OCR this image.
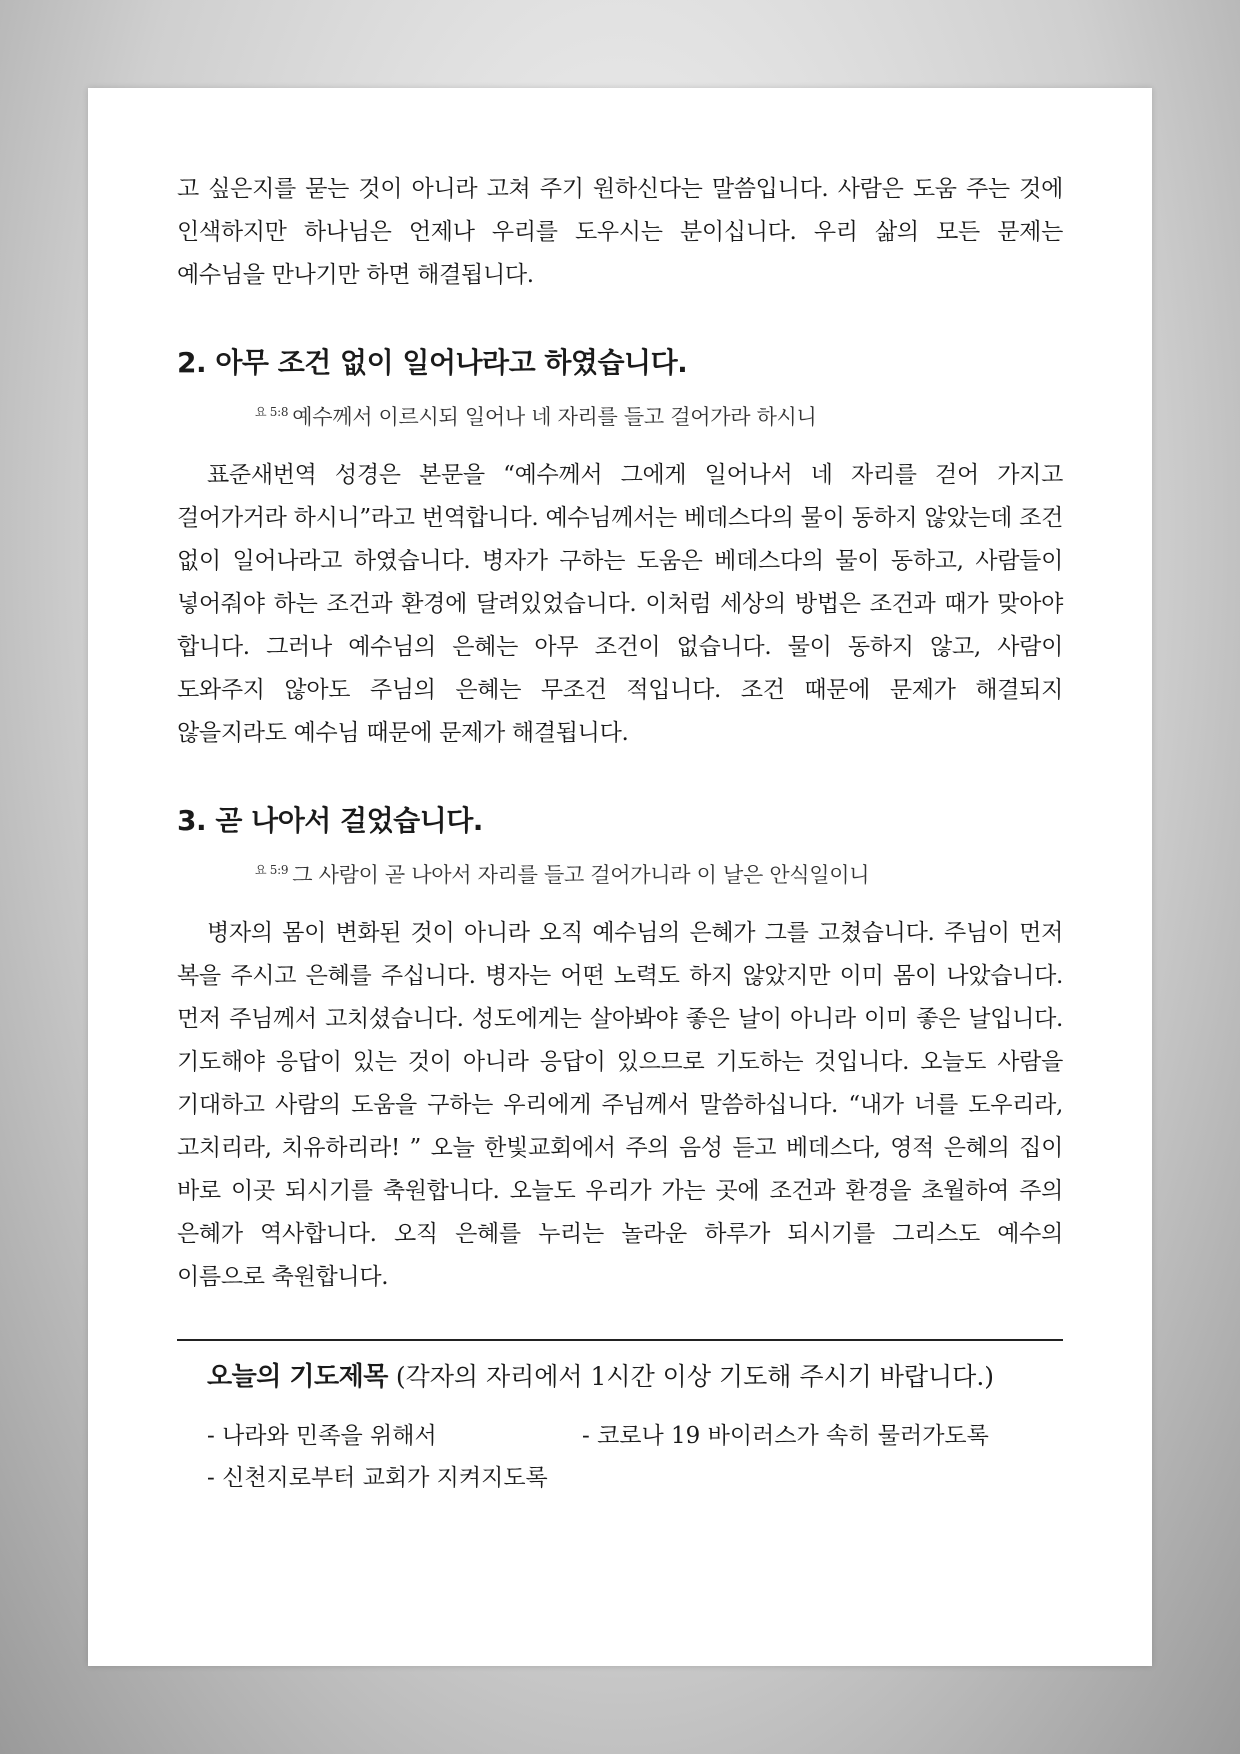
고 싶은지를 묻는 것이 아니라 고쳐 주기 원하신다는 말씀입니다. 사람은 도움 주는 것에 인색하지만 하나님은 언제나 우리를 도우시는 분이십니다. 우리 삶의 모든 문제는 예수님을 만나기만 하면 해결됩니다.

2. 아무 조건 없이 일어나라고 하였습니다.

$^{요 5:8}$ 예수께서 이르시되 일어나 네 자리를 들고 걸어가라 하시니

표준새번역 성경은 본문을 “예수께서 그에게 일어나서 네 자리를 걷어 가지고 걸어가거라 하시니”라고 번역합니다. 예수님께서는 베데스다의 물이 동하지 않았는데 조건 없이 일어나라고 하였습니다. 병자가 구하는 도움은 베데스다의 물이 동하고, 사람들이 넣어줘야 하는 조건과 환경에 달려있었습니다. 이처럼 세상의 방법은 조건과 때가 맞아야 합니다. 그러나 예수님의 은혜는 아무 조건이 없습니다. 물이 동하지 않고, 사람이 도와주지 않아도 주님의 은혜는 무조건 적입니다. 조건 때문에 문제가 해결되지 않을지라도 예수님 때문에 문제가 해결됩니다.

3. 곧 나아서 걸었습니다.

$^{요 5:9}$ 그 사람이 곧 나아서 자리를 들고 걸어가니라 이 날은 안식일이니

병자의 몸이 변화된 것이 아니라 오직 예수님의 은혜가 그를 고쳤습니다. 주님이 먼저 복을 주시고 은혜를 주십니다. 병자는 어떤 노력도 하지 않았지만 이미 몸이 나았습니다. 먼저 주님께서 고치셨습니다. 성도에게는 살아봐야 좋은 날이 아니라 이미 좋은 날입니다. 기도해야 응답이 있는 것이 아니라 응답이 있으므로 기도하는 것입니다. 오늘도 사람을 기대하고 사람의 도움을 구하는 우리에게 주님께서 말씀하십니다. “내가 너를 도우리라, 고치리라, 치유하리라! ” 오늘 한빛교회에서 주의 음성 듣고 베데스다, 영적 은혜의 집이 바로 이곳 되시기를 축원합니다. 오늘도 우리가 가는 곳에 조건과 환경을 초월하여 주의 은혜가 역사합니다. 오직 은혜를 누리는 놀라운 하루가 되시기를 그리스도 예수의 이름으로 축원합니다.

오늘의 기도제목 (각자의 자리에서 1시간 이상 기도해 주시기 바랍니다.)

- 나라와 민족을 위해서	- 코로나 19 바이러스가 속히 물러가도록
- 신천지로부터 교회가 지켜지도록
